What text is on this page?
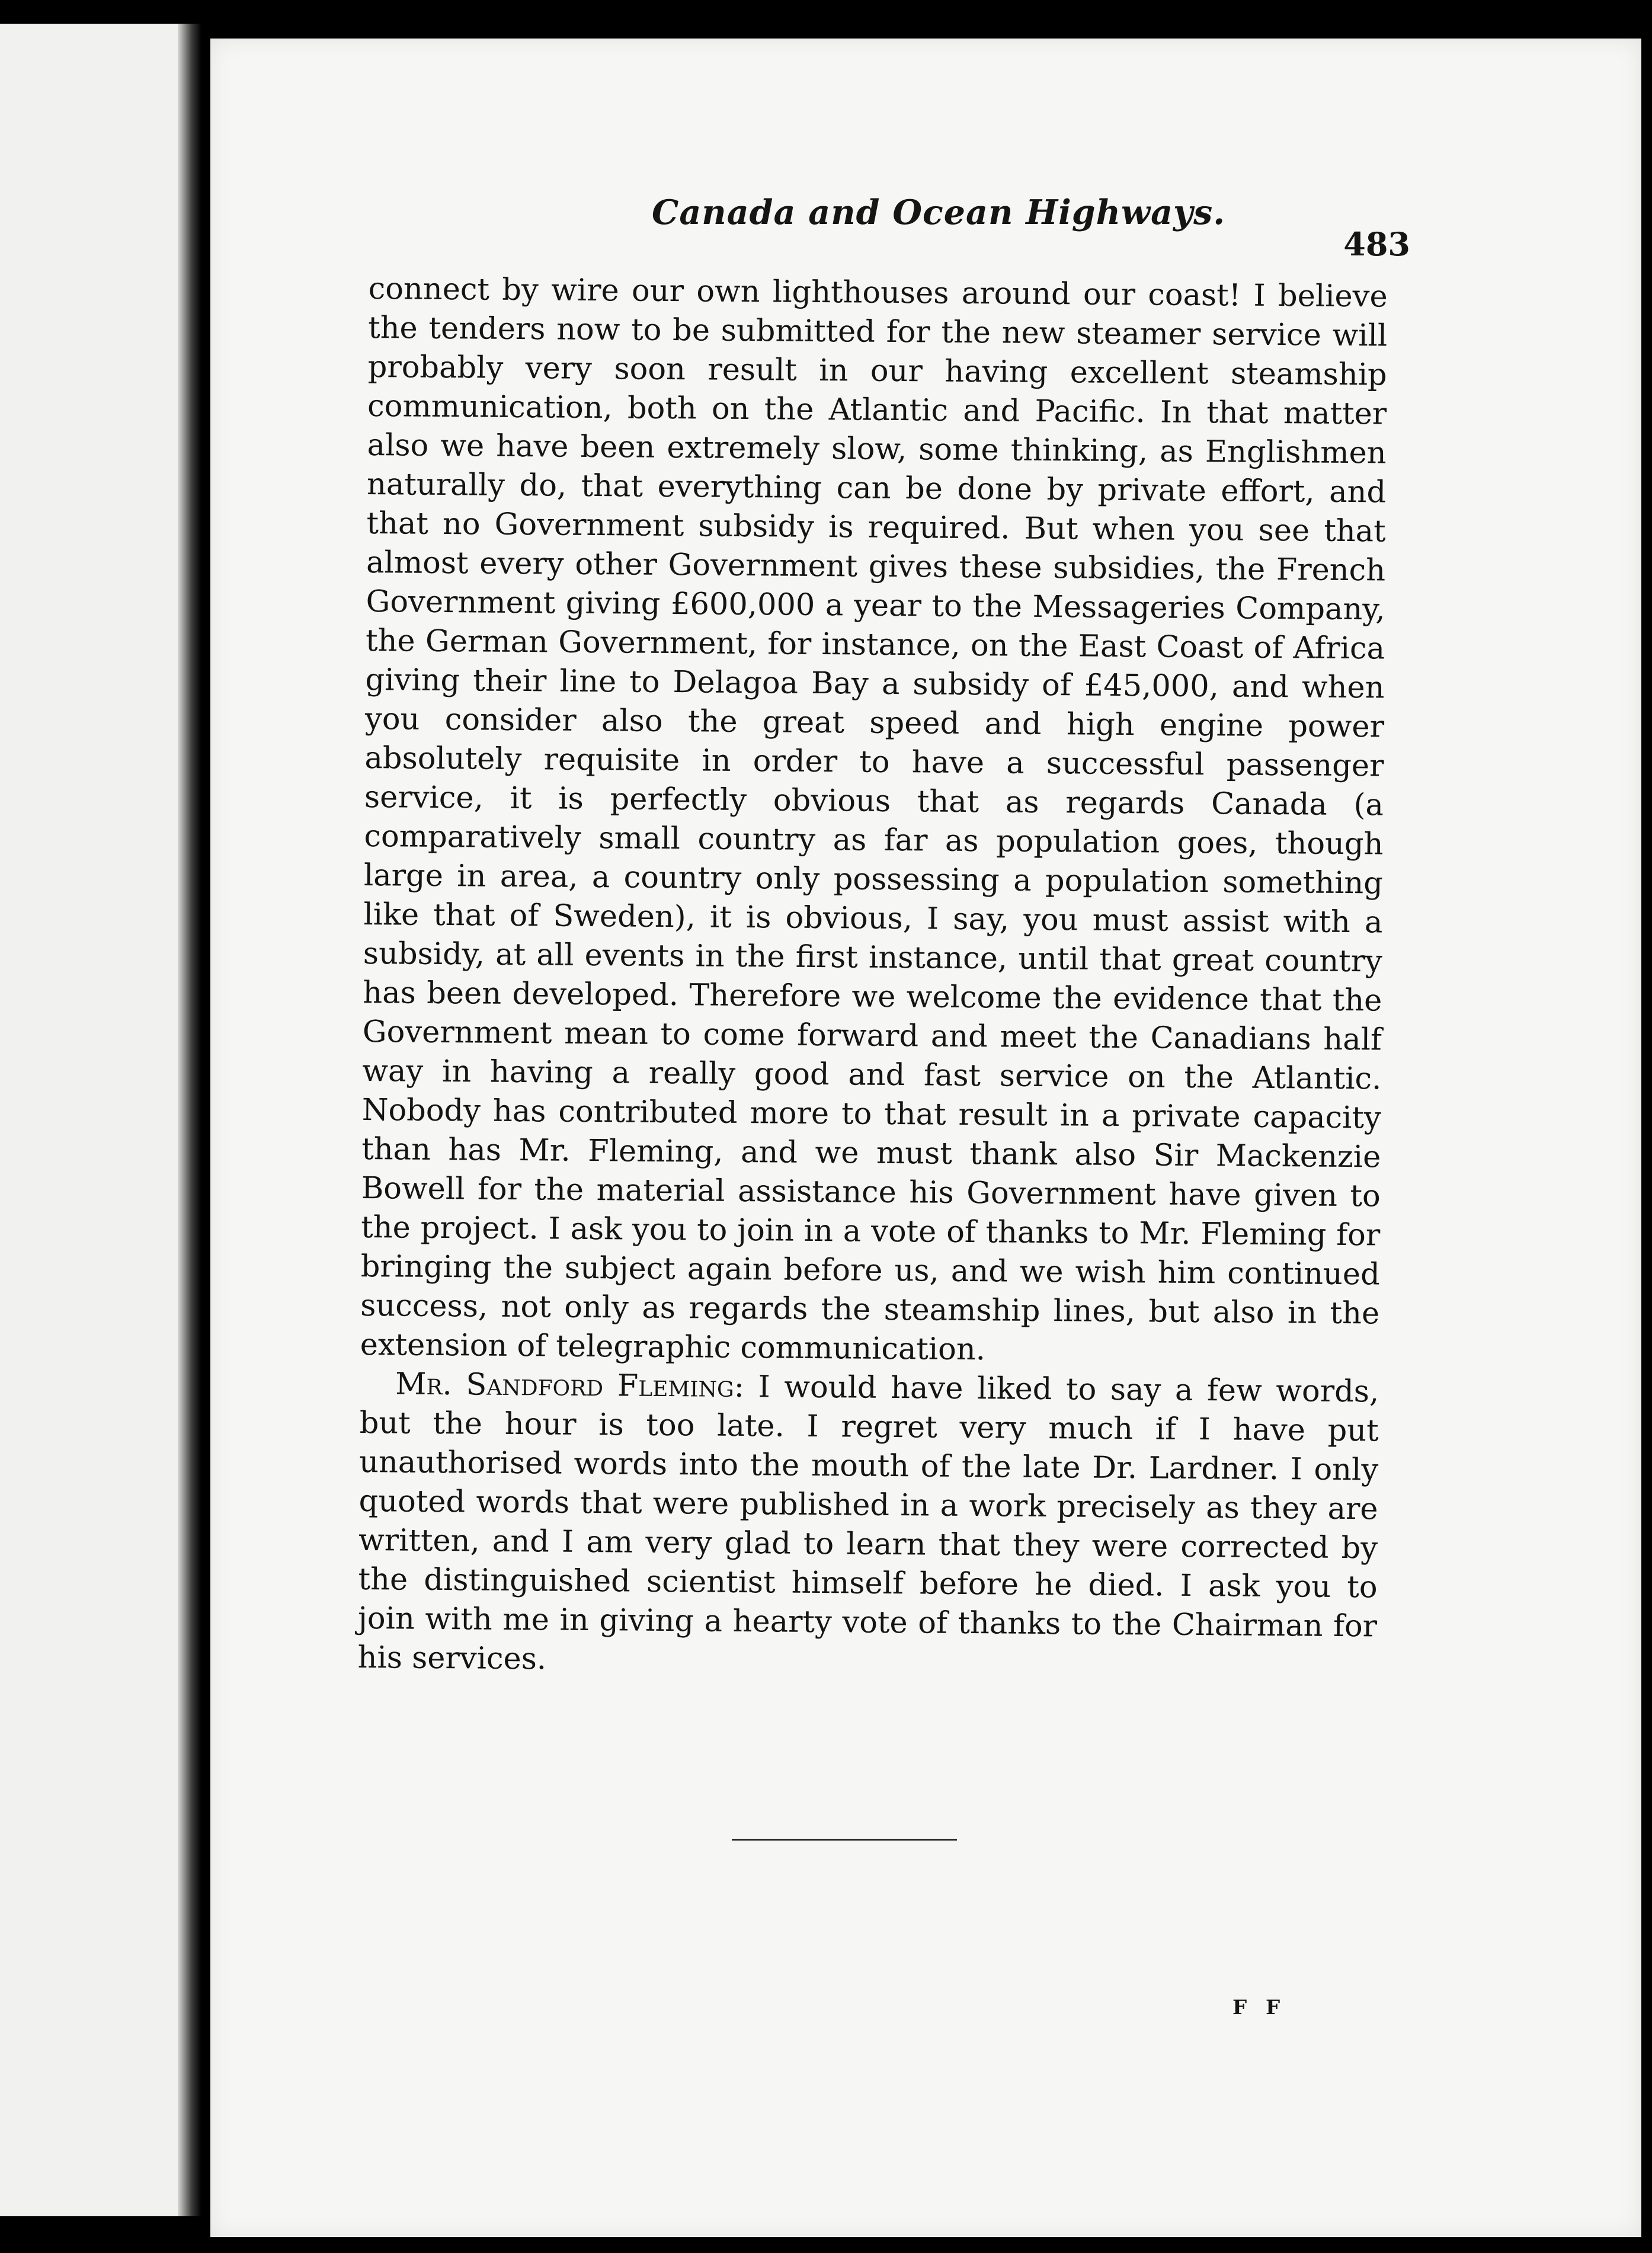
Canada and Ocean Highways.
483

connect by wire our own lighthouses around our coast! I believe the tenders now to be submitted for the new steamer service will probably very soon result in our having excellent steamship communication, both on the Atlantic and Pacific. In that matter also we have been extremely slow, some thinking, as Englishmen naturally do, that everything can be done by private effort, and that no Government subsidy is required. But when you see that almost every other Government gives these subsidies, the French Government giving £600,000 a year to the Messageries Company, the German Government, for instance, on the East Coast of Africa giving their line to Delagoa Bay a subsidy of £45,000, and when you consider also the great speed and high engine power absolutely requisite in order to have a successful passenger service, it is perfectly obvious that as regards Canada (a comparatively small country as far as population goes, though large in area, a country only possessing a population something like that of Sweden), it is obvious, I say, you must assist with a subsidy, at all events in the first instance, until that great country has been developed. Therefore we welcome the evidence that the Government mean to come forward and meet the Canadians half way in having a really good and fast service on the Atlantic. Nobody has contributed more to that result in a private capacity than has Mr. Fleming, and we must thank also Sir Mackenzie Bowell for the material assistance his Government have given to the project. I ask you to join in a vote of thanks to Mr. Fleming for bringing the subject again before us, and we wish him continued success, not only as regards the steamship lines, but also in the extension of telegraphic communication.

Mr. Sandford Fleming: I would have liked to say a few words, but the hour is too late. I regret very much if I have put unauthorised words into the mouth of the late Dr. Lardner. I only quoted words that were published in a work precisely as they are written, and I am very glad to learn that they were corrected by the distinguished scientist himself before he died. I ask you to join with me in giving a hearty vote of thanks to the Chairman for his services.

F F
